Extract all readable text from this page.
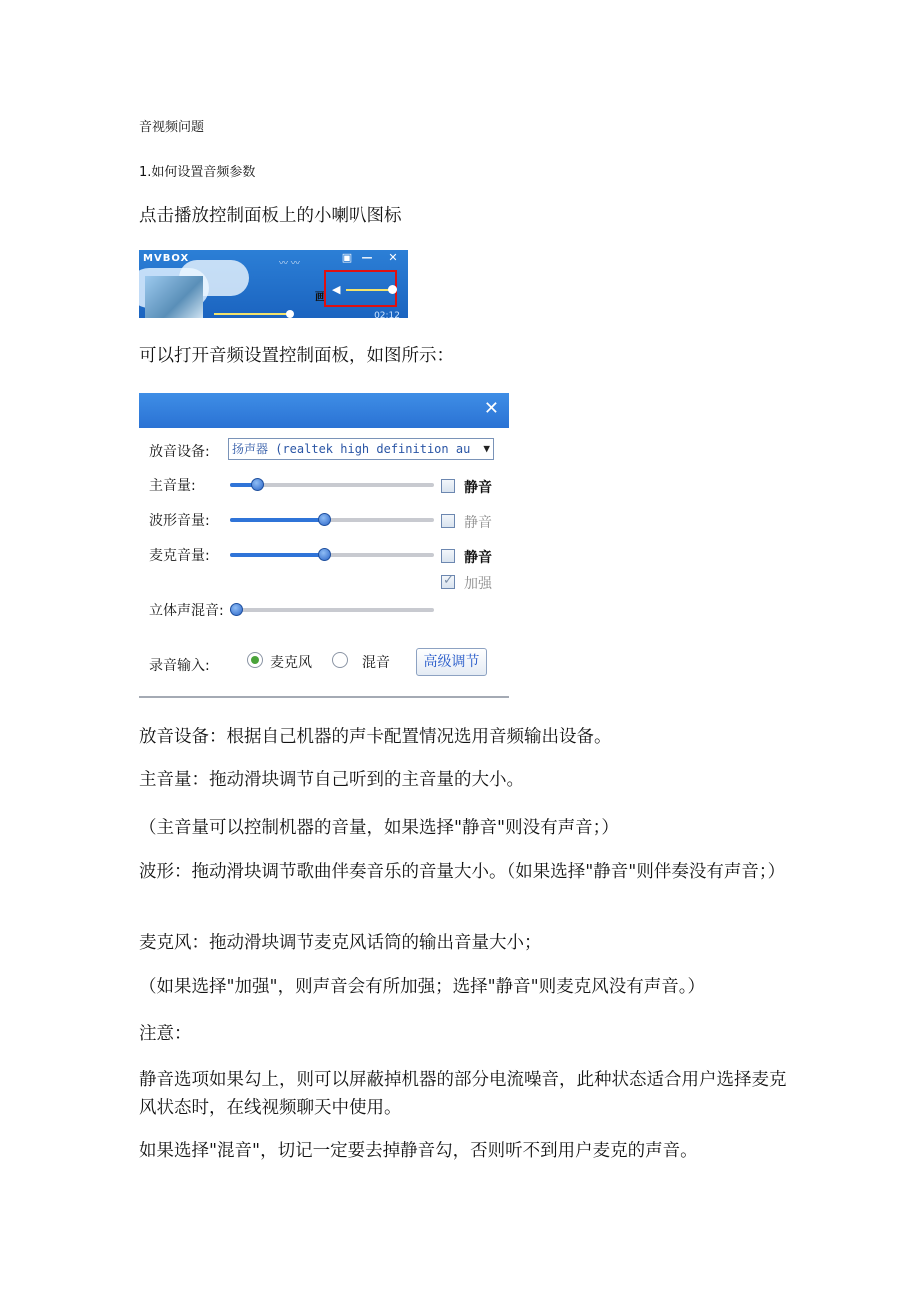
音视频问题
1.如何设置音频参数
点击播放控制面板上的小喇叭图标
MVBOX	〰 〰	▣ —	✕
画
◀
02:12
可以打开音频设置控制面板，如图所示：
✕
放音设备:	扬声器 (realtek high definition au ▼
主音量:	静音
波形音量:	静音
麦克音量:	静音
✓
加强
立体声混音:
录音输入:	麦克风	混音	高级调节
放音设备：根据自己机器的声卡配置情况选用音频输出设备。
主音量：拖动滑块调节自己听到的主音量的大小。
（主音量可以控制机器的音量，如果选择"静音"则没有声音；）
波形：拖动滑块调节歌曲伴奏音乐的音量大小。（如果选择"静音"则伴奏没有声音；）
麦克风：拖动滑块调节麦克风话筒的输出音量大小；
（如果选择"加强"，则声音会有所加强；选择"静音"则麦克风没有声音。）
注意：
静音选项如果勾上，则可以屏蔽掉机器的部分电流噪音，此种状态适合用户选择麦克风状态时，在线视频聊天中使用。
如果选择"混音"，切记一定要去掉静音勾，否则听不到用户麦克的声音。
